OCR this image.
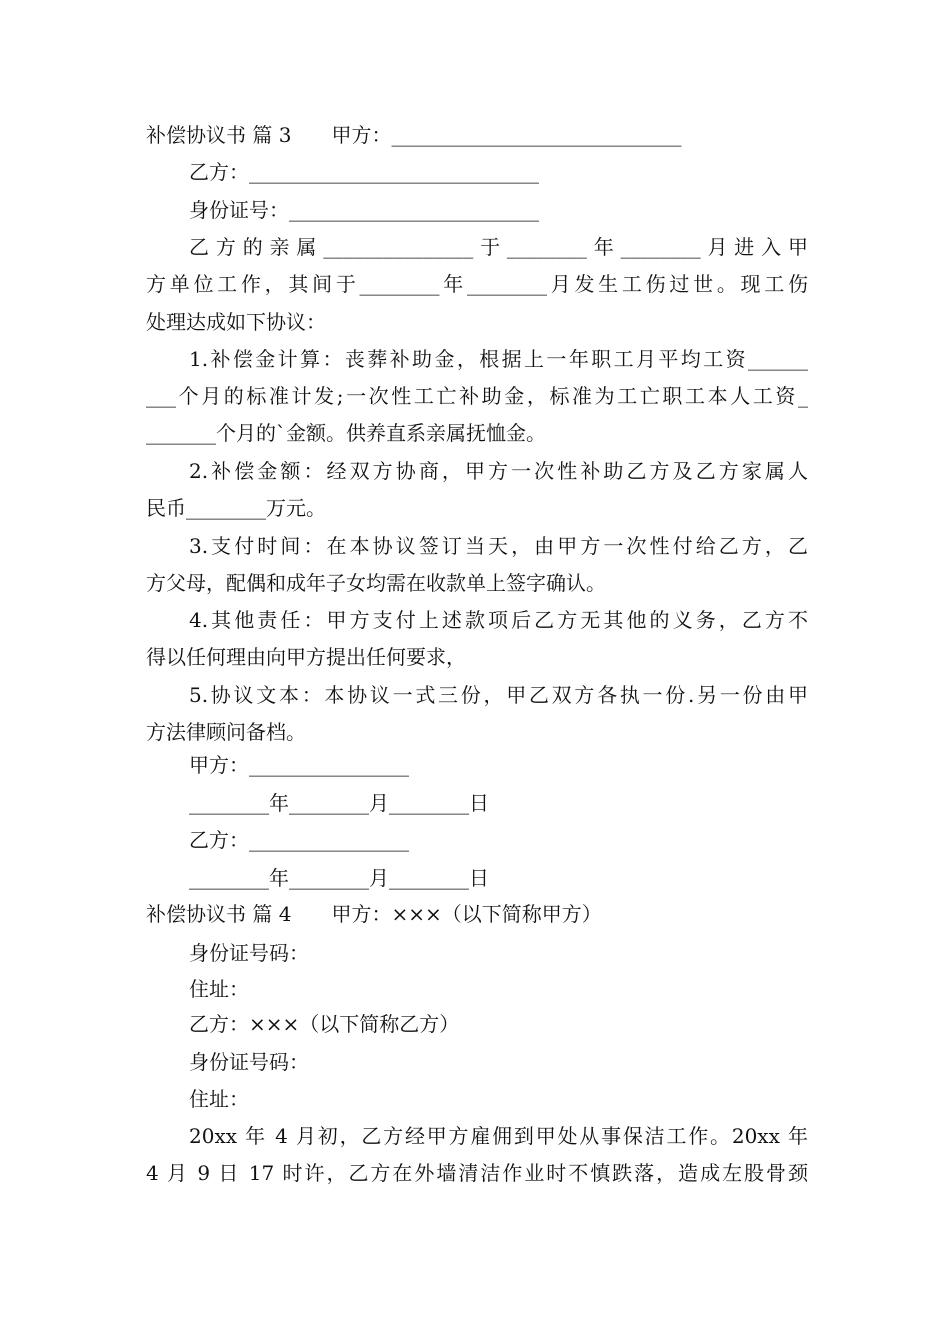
补偿协议书 篇 3　　甲方：_____________________________
乙方：_____________________________
身份证号：_________________________
乙方的亲属_______________于________年________月进入甲
方单位工作，其间于________年________月发生工伤过世。现工伤
处理达成如下协议：
1.补偿金计算：丧葬补助金，根据上一年职工月平均工资______
___个月的标准计发;一次性工亡补助金，标准为工亡职工本人工资_
_______个月的`金额。供养直系亲属抚恤金。
2.补偿金额：经双方协商，甲方一次性补助乙方及乙方家属人
民币________万元。
3.支付时间：在本协议签订当天，由甲方一次性付给乙方，乙
方父母，配偶和成年子女均需在收款单上签字确认。
4.其他责任：甲方支付上述款项后乙方无其他的义务，乙方不
得以任何理由向甲方提出任何要求，
5.协议文本：本协议一式三份，甲乙双方各执一份.另一份由甲
方法律顾问备档。
甲方：________________
________年________月________日
乙方：________________
________年________月________日
补偿协议书 篇 4　　甲方：×××（以下简称甲方）
身份证号码：
住址：
乙方：×××（以下简称乙方）
身份证号码：
住址：
20xx 年 4 月初，乙方经甲方雇佣到甲处从事保洁工作。20xx 年
4 月 9 日 17 时许，乙方在外墙清洁作业时不慎跌落，造成左股骨颈
